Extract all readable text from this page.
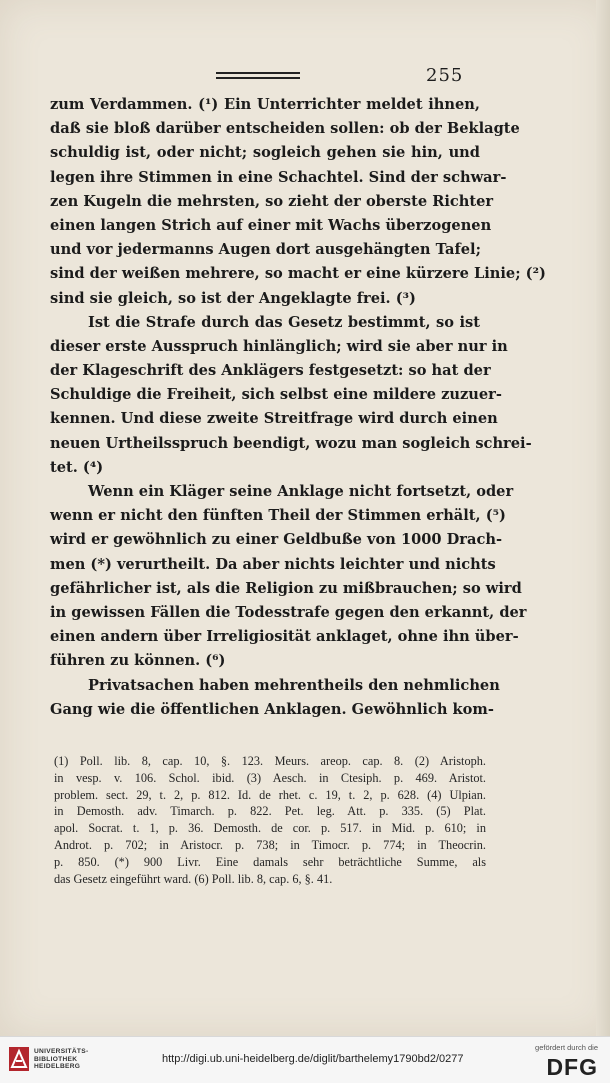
255
zum Verdammen. (¹) Ein Unterrichter meldet ihnen,
daß sie bloß darüber entscheiden sollen: ob der Beklagte
schuldig ist, oder nicht; sogleich gehen sie hin, und
legen ihre Stimmen in eine Schachtel. Sind der schwar-
zen Kugeln die mehrsten, so zieht der oberste Richter
einen langen Strich auf einer mit Wachs überzogenen
und vor jedermanns Augen dort ausgehängten Tafel;
sind der weißen mehrere, so macht er eine kürzere Linie; (²)
sind sie gleich, so ist der Angeklagte frei. (³)
Ist die Strafe durch das Gesetz bestimmt, so ist
dieser erste Ausspruch hinlänglich; wird sie aber nur in
der Klageschrift des Anklägers festgesetzt: so hat der
Schuldige die Freiheit, sich selbst eine mildere zuzuer-
kennen. Und diese zweite Streitfrage wird durch einen
neuen Urtheilsspruch beendigt, wozu man sogleich schrei-
tet. (⁴)
Wenn ein Kläger seine Anklage nicht fortsetzt, oder
wenn er nicht den fünften Theil der Stimmen erhält, (⁵)
wird er gewöhnlich zu einer Geldbuße von 1000 Drach-
men (*) verurtheilt. Da aber nichts leichter und nichts
gefährlicher ist, als die Religion zu mißbrauchen; so wird
in gewissen Fällen die Todesstrafe gegen den erkannt, der
einen andern über Irreligiosität anklaget, ohne ihn über-
führen zu können. (⁶)
Privatsachen haben mehrentheils den nehmlichen
Gang wie die öffentlichen Anklagen. Gewöhnlich kom-
(1) Poll. lib. 8, cap. 10, §. 123. Meurs. areop. cap. 8. (2) Aristoph.
in vesp. v. 106. Schol. ibid. (3) Aesch. in Ctesiph. p. 469. Aristot.
problem. sect. 29, t. 2, p. 812. Id. de rhet. c. 19, t. 2, p. 628. (4) Ulpian.
in Demosth. adv. Timarch. p. 822. Pet. leg. Att. p. 335. (5) Plat.
apol. Socrat. t. 1, p. 36. Demosth. de cor. p. 517. in Mid. p. 610; in
Androt. p. 702; in Aristocr. p. 738; in Timocr. p. 774; in Theocrin.
p. 850. (*) 900 Livr. Eine damals sehr beträchtliche Summe, als
das Gesetz eingeführt ward. (6) Poll. lib. 8, cap. 6, §. 41.
UNIVERSITÄTS-
BIBLIOTHEK
HEIDELBERG
http://digi.ub.uni-heidelberg.de/diglit/barthelemy1790bd2/0277
gefördert durch die
DFG
